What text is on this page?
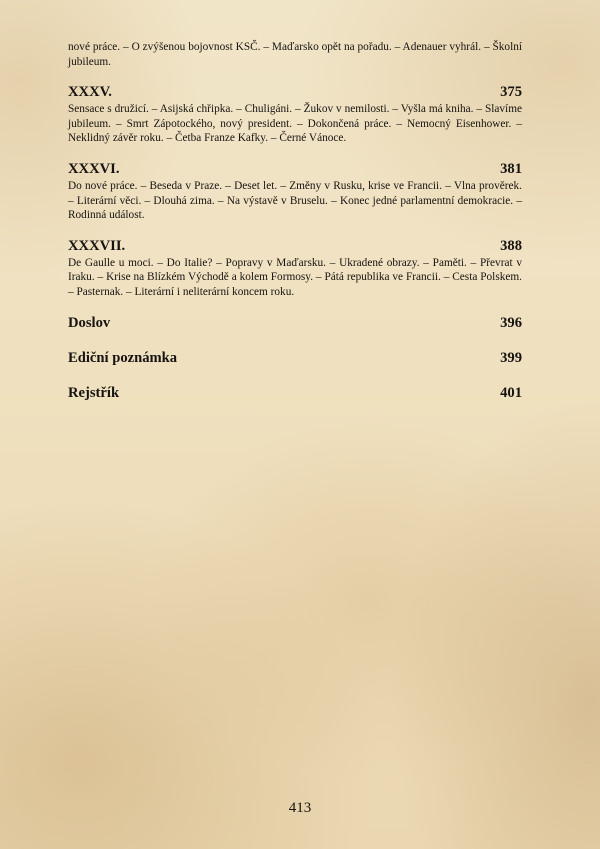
nové práce. – O zvýšenou bojovnost KSČ. – Maďarsko opět na pořadu. – Adenauer vyhrál. – Školní jubileum.

XXXV.	375

Sensace s družicí. – Asijská chřipka. – Chuligáni. – Žukov v nemilosti. – Vyšla má kniha. – Slavíme jubileum. – Smrt Zápotockého, nový president. – Dokončená práce. – Nemocný Eisenhower. – Neklidný závěr roku. – Četba Franze Kafky. – Černé Vánoce.

XXXVI.	381

Do nové práce. – Beseda v Praze. – Deset let. – Změny v Rusku, krise ve Francii. – Vlna prověrek. – Literární věci. – Dlouhá zima. – Na výstavě v Bruselu. – Konec jedné parlamentní demokracie. – Rodinná událost.

XXXVII.	388

De Gaulle u moci. – Do Italie? – Popravy v Maďarsku. – Ukradené obrazy. – Paměti. – Převrat v Iraku. – Krise na Blízkém Východě a kolem Formosy. – Pátá republika ve Francii. – Cesta Polskem. – Pasternak. – Literární i neliterární koncem roku.

Doslov	396
Ediční poznámka	399
Rejstřík	401
413
